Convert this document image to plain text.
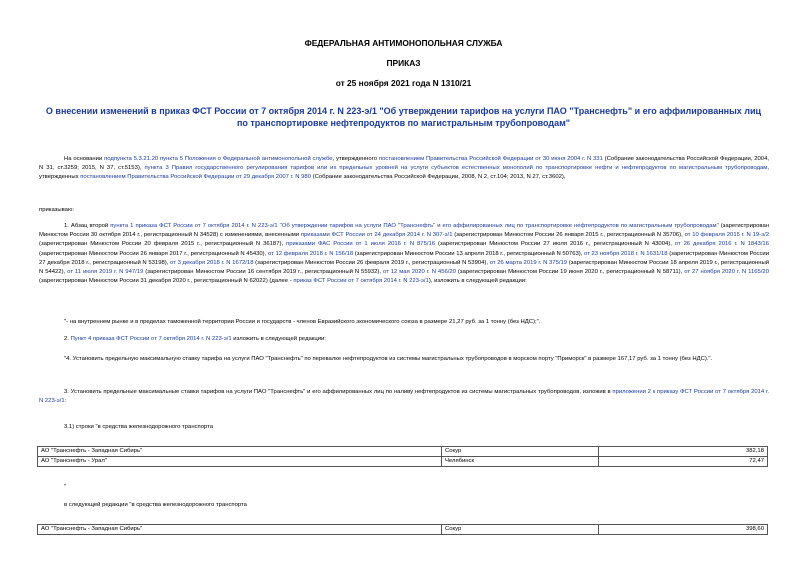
ФЕДЕРАЛЬНАЯ АНТИМОНОПОЛЬНАЯ СЛУЖБА
ПРИКАЗ
от 25 ноября 2021 года N 1310/21
О внесении изменений в приказ ФСТ России от 7 октября 2014 г. N 223-э/1 "Об утверждении тарифов на услуги ПАО "Транснефть" и его аффилированных лиц по транспортировке нефтепродуктов по магистральным трубопроводам"
На основании подпункта 5.3.21.20 пункта 5 Положения о Федеральной антимонопольной службе, утвержденного постановлением Правительства Российской Федерации от 30 июня 2004 г. N 331 (Собрание законодательства Российской Федерации, 2004, N 31, ст.3259; 2015, N 37, ст.5153), пункта 3 Правил государственного регулирования тарифов или их предельных уровней на услуги субъектов естественных монополий по транспортировке нефти и нефтепродуктов по магистральным трубопроводам, утвержденных постановлением Правительства Российской Федерации от 29 декабря 2007 г. N 980 (Собрание законодательства Российской Федерации, 2008, N 2, ст.104; 2013, N 27, ст.3602),
приказываю:
1. Абзац второй пункта 1 приказа ФСТ России от 7 октября 2014 г. N 223-э/1 "Об утверждении тарифов на услуги ПАО "Транснефть" и его аффилированных лиц по транспортировке нефтепродуктов по магистральным трубопроводам" (зарегистрирован Минюстом России 30 октября 2014 г., регистрационный N 34528) с изменениями, внесенными приказами ФСТ России от 24 декабря 2014 г. N 307-э/1 (зарегистрирован Минюстом России 26 января 2015 г., регистрационный N 35706), от 10 февраля 2015 г. N 19-э/2 (зарегистрирован Минюстом России 20 февраля 2015 г., регистрационный N 36187), приказами ФАС России от 1 июля 2016 г. N 875/16 (зарегистрирован Минюстом России 27 июля 2016 г., регистрационный N 43004), от 26 декабря 2016 г. N 1843/16 (зарегистрирован Минюстом России 26 января 2017 г., регистрационный N 45430), от 12 февраля 2018 г. N 156/18 (зарегистрирован Минюстом России 13 апреля 2018 г., регистрационный N 50763), от 23 ноября 2018 г. N 1631/18 (зарегистрирован Минюстом России 27 декабря 2018 г., регистрационный N 53198), от 3 декабря 2018 г. N 1672/18 (зарегистрирован Минюстом России 26 февраля 2019 г., регистрационный N 53904), от 26 марта 2019 г. N 375/19 (зарегистрирован Минюстом России 18 апреля 2019 г., регистрационный N 54422), от 11 июля 2019 г. N 947/19 (зарегистрирован Минюстом России 16 сентября 2019 г., регистрационный N 55932), от 12 мая 2020 г. N 456/20 (зарегистрирован Минюстом России 19 июня 2020 г., регистрационный N 58711), от 27 ноября 2020 г. N 1165/20 (зарегистрирован Минюстом России 31 декабря 2020 г., регистрационный N 62022) (далее - приказ ФСТ России от 7 октября 2014 г. N 223-э/1), изложить в следующей редакции:
"- на внутреннем рынке и в пределах таможенной территории России и государств - членов Евразийского экономического союза в размере 21,27 руб. за 1 тонну (без НДС);".
2. Пункт 4 приказа ФСТ России от 7 октября 2014 г. N 223-э/1 изложить в следующей редакции:
"4. Установить предельную максимальную ставку тарифа на услуги ПАО "Транснефть" по перевалке нефтепродуктов из системы магистральных трубопроводов в морском порту "Приморск" в размере 167,17 руб. за 1 тонну (без НДС).".
3. Установить предельные максимальные ставки тарифов на услуги ПАО "Транснефть" и его аффилированных лиц по наливу нефтепродуктов из системы магистральных трубопроводов, изложив в приложении 2 к приказу ФСТ России от 7 октября 2014 г. N 223-э/1:
3.1) строки "в средства железнодорожного транспорта
АО "Транснефть - Западная Сибирь"	Сокур	382,18
АО "Транснефть - Урал"	Челябинск	72,47
"
в следующей редакции "в средства железнодорожного транспорта
АО "Транснефть - Западная Сибирь"	Сокур	398,60
